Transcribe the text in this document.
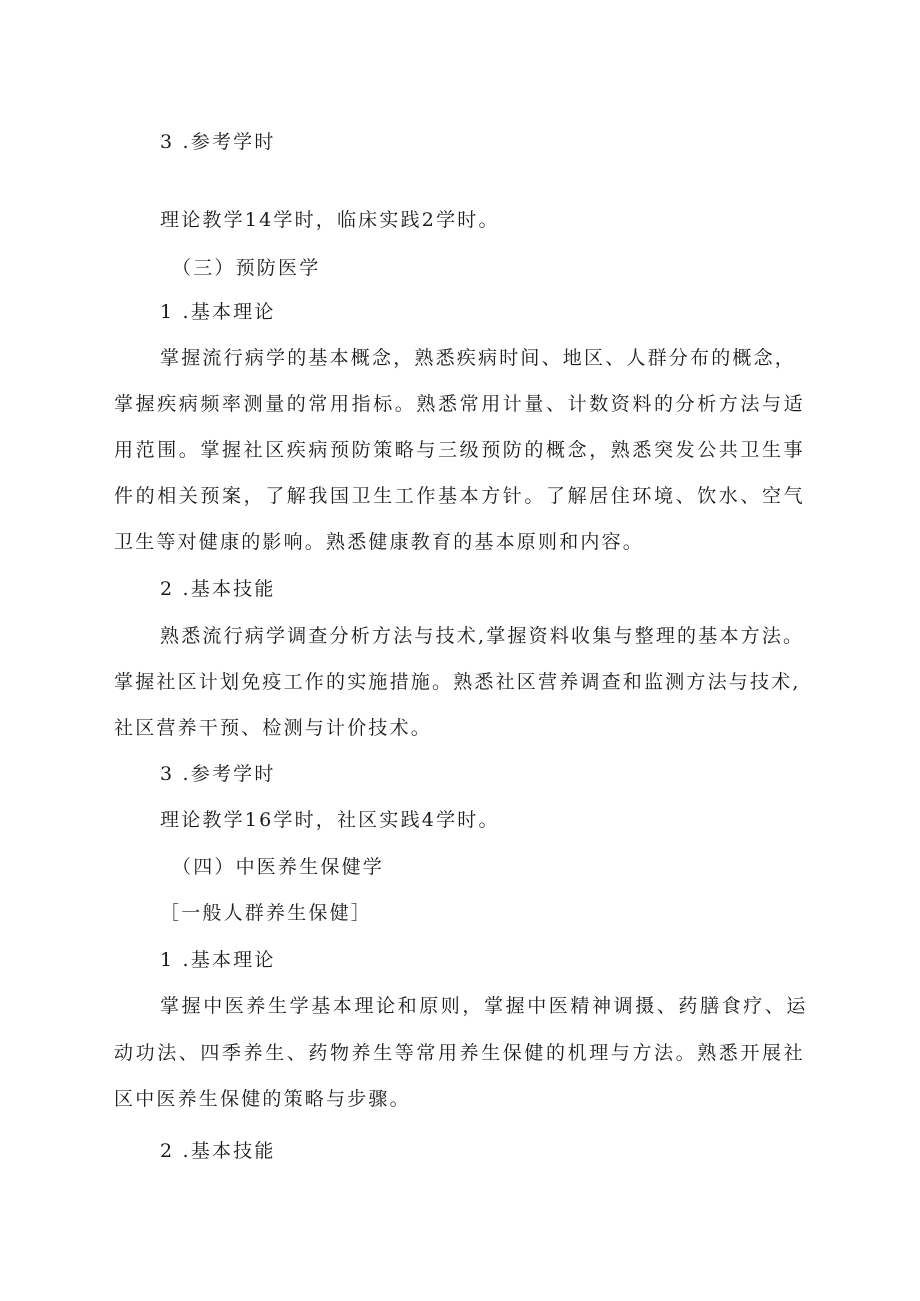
3 .参考学时
理论教学14学时，临床实践2学时。
（三）预防医学
1 .基本理论
掌握流行病学的基本概念，熟悉疾病时间、地区、人群分布的概念，
掌握疾病频率测量的常用指标。熟悉常用计量、计数资料的分析方法与适
用范围。掌握社区疾病预防策略与三级预防的概念，熟悉突发公共卫生事
件的相关预案，了解我国卫生工作基本方针。了解居住环境、饮水、空气
卫生等对健康的影响。熟悉健康教育的基本原则和内容。
2 .基本技能
熟悉流行病学调查分析方法与技术,掌握资料收集与整理的基本方法。
掌握社区计划免疫工作的实施措施。熟悉社区营养调查和监测方法与技术,
社区营养干预、检测与计价技术。
3 .参考学时
理论教学16学时，社区实践4学时。
（四）中医养生保健学
［一般人群养生保健］
1 .基本理论
掌握中医养生学基本理论和原则，掌握中医精神调摄、药膳食疗、运
动功法、四季养生、药物养生等常用养生保健的机理与方法。熟悉开展社
区中医养生保健的策略与步骤。
2 .基本技能
